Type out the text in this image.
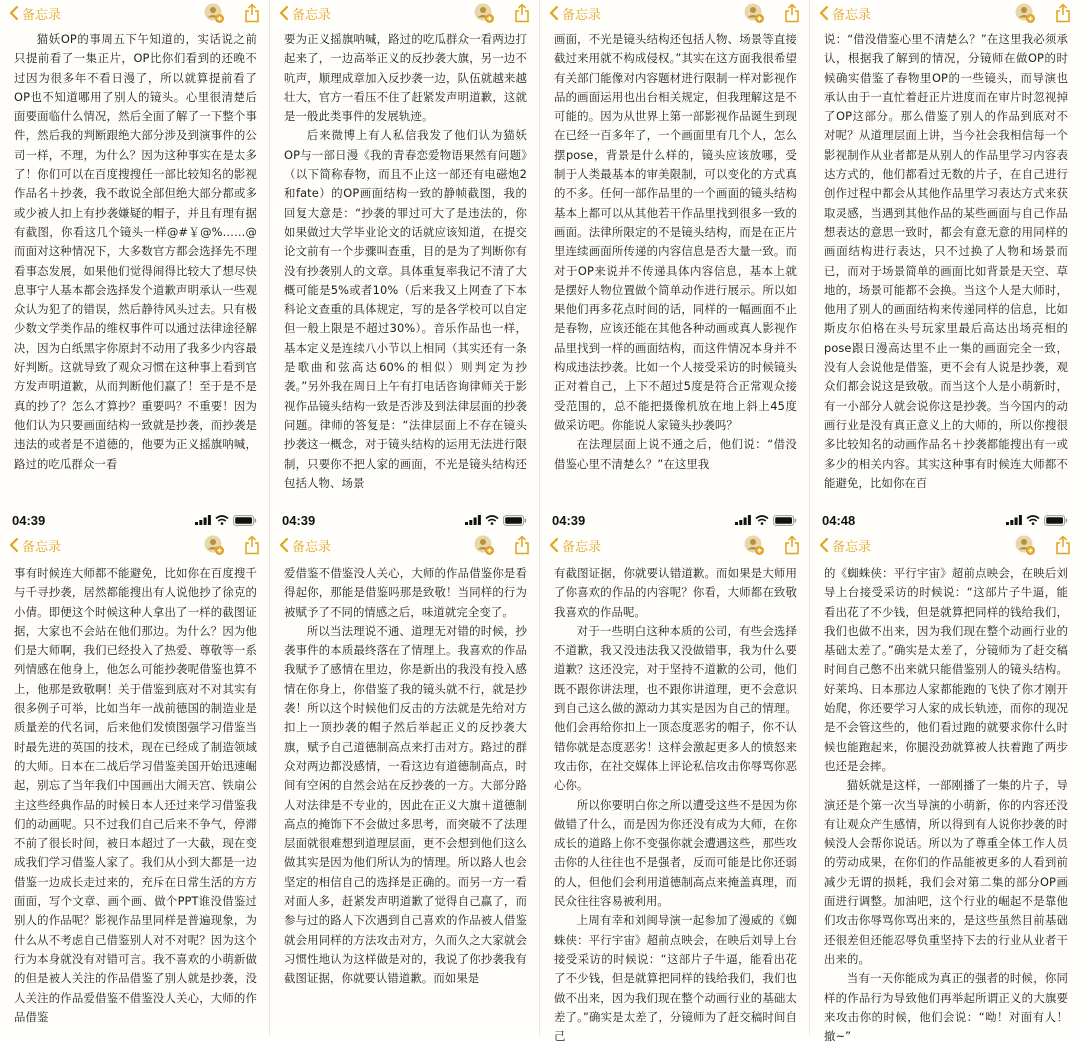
备忘录

猫妖OP的事周五下午知道的，实话说之前只提前看了一集正片，OP比你们看到的还晚不过因为很多年不看日漫了，所以就算提前看了OP也不知道哪用了别人的镜头。心里很清楚后面要面临什么情况，然后全面了解了一下整个事件，然后我的判断跟绝大部分涉及到演事件的公司一样，不理，为什么？因为这种事实在是太多了！你们可以在百度搜搜任一部比较知名的影视作品名＋抄袭，我不敢说全部但绝大部分都或多或少被人扣上有抄袭嫌疑的帽子，并且有理有据有截图，你看这几个镜头一样@#￥@%……@而面对这种情况下，大多数官方都会选择先不理看事态发展，如果他们觉得闹得比较大了想尽快息事宁人基本都会选择发个道歉声明承认一些观众认为犯了的错误，然后静待风头过去。只有极少数文学类作品的维权事件可以通过法律途径解决，因为白纸黑字你原封不动用了我多少内容最好判断。这就导致了观众习惯在这种事上看到官方发声明道歉，从而判断他们赢了！至于是不是真的抄了？怎么才算抄？重要吗？不重要！因为他们认为只要画面结构一致就是抄袭，而抄袭是违法的或者是不道德的，他要为正义摇旗呐喊，路过的吃瓜群众一看

备忘录

要为正义摇旗呐喊，路过的吃瓜群众一看两边打起来了，一边高举正义的反抄袭大旗，另一边不吭声，顺理成章加入反抄袭一边，队伍就越来越壮大，官方一看压不住了赶紧发声明道歉，这就是一般此类事件的发展轨迹。

后来微博上有人私信我发了他们认为猫妖OP与一部日漫《我的青春恋爱物语果然有问题》（以下简称春物，而且不止这一部还有电磁炮2和fate）的OP画面结构一致的静帧截图，我的回复大意是：“抄袭的罪过可大了是违法的，你如果做过大学毕业论文的话就应该知道，在提交论文前有一个步骤叫查重，目的是为了判断你有没有抄袭别人的文章。具体重复率我记不清了大概可能是5%或者10%（后来我又上网查了下本科论文查重的具体规定，写的是各学校可以自定但一般上限是不超过30%）。音乐作品也一样，基本定义是连续八小节以上相同（其实还有一条是歌曲和弦高达60%的相似）则判定为抄袭。”另外我在周日上午有打电话咨询律师关于影视作品镜头结构一致是否涉及到法律层面的抄袭问题。律师的答复是：“法律层面上不存在镜头抄袭这一概念，对于镜头结构的运用无法进行限制，只要你不把人家的画面，不光是镜头结构还包括人物、场景

备忘录

画面，不光是镜头结构还包括人物、场景等直接截过来用就不构成侵权。”其实在这方面我很希望有关部门能像对内容题材进行限制一样对影视作品的画面运用也出台相关规定，但我理解这是不可能的。因为从世界上第一部影视作品诞生到现在已经一百多年了，一个画面里有几个人，怎么摆pose，背景是什么样的，镜头应该放哪，受制于人类最基本的审美限制，可以变化的方式真的不多。任何一部作品里的一个画面的镜头结构基本上都可以从其他若干作品里找到很多一致的画面。法律所限定的不是镜头结构，而是在正片里连续画面所传递的内容信息是否大量一致。而对于OP来说并不传递具体内容信息，基本上就是摆好人物位置做个简单动作进行展示。所以如果他们再多花点时间的话，同样的一幅画面不止是春物，应该还能在其他各种动画或真人影视作品里找到一样的画面结构，而这件情况本身并不构成违法抄袭。比如一个人接受采访的时候镜头正对着自己，上下不超过5度是符合正常观众接受范围的，总不能把摄像机放在地上斜上45度做采访吧。你能说人家镜头抄袭吗？

在法理层面上说不通之后，他们说：“借没借鉴心里不清楚么？”在这里我

备忘录

说：“借没借鉴心里不清楚么？”在这里我必须承认，根据我了解到的情况，分镜师在做OP的时候确实借鉴了春物里OP的一些镜头，而导演也承认由于一直忙着赶正片进度而在审片时忽视掉了OP这部分。那么借鉴了别人的作品到底对不对呢？从道理层面上讲，当今社会我相信每一个影视制作从业者都是从别人的作品里学习内容表达方式的，他们都看过无数的片子，在自己进行创作过程中都会从其他作品里学习表达方式来获取灵感，当遇到其他作品的某些画面与自己作品想表达的意思一致时，都会有意无意的用同样的画面结构进行表达，只不过换了人物和场景而已，而对于场景简单的画面比如背景是天空、草地的，场景可能都不会换。当这个人是大师时，他用了别人的画面结构来传递同样的信息，比如斯皮尔伯格在头号玩家里最后高达出场亮相的pose跟日漫高达里不止一集的画面完全一致，没有人会说他是借鉴，更不会有人说是抄袭，观众们都会说这是致敬。而当这个人是小萌新时，有一小部分人就会说你这是抄袭。当今国内的动画行业是没有真正意义上的大师的，所以你搜很多比较知名的动画作品名＋抄袭都能搜出有一或多少的相关内容。其实这种事有时候连大师都不能避免，比如你在百

04:39
备忘录

事有时候连大师都不能避免，比如你在百度搜千与千寻抄袭，居然都能搜出有人说他抄了徐克的小倩。即便这个时候这种人拿出了一样的截图证据，大家也不会站在他们那边。为什么？因为他们是大师啊，我们已经投入了热爱、尊敬等一系列情感在他身上，他怎么可能抄袭呢借鉴也算不上，他那是致敬啊！关于借鉴到底对不对其实有很多例子可举，比如当年一战前德国的制造业是质量差的代名词，后来他们发愤图强学习借鉴当时最先进的英国的技术，现在已经成了制造领域的大师。日本在二战后学习借鉴美国开始迅速崛起，别忘了当年我们中国画出大闹天宫、铁扇公主这些经典作品的时候日本人还过来学习借鉴我们的动画呢。只不过我们自己后来不争气，停滞不前了很长时间，被日本超过了一大截，现在变成我们学习借鉴人家了。我们从小到大都是一边借鉴一边成长走过来的，充斥在日常生活的方方面面，写个文章、画个画、做个PPT谁没借鉴过别人的作品呢？影视作品里同样是普遍现象，为什么从不考虑自己借鉴别人对不对呢？因为这个行为本身就没有对错可言。我不喜欢的小萌新做的但是被人关注的作品借鉴了别人就是抄袭，没人关注的作品爱借鉴不借鉴没人关心，大师的作品借鉴

04:39
备忘录

爱借鉴不借鉴没人关心，大师的作品借鉴你是看得起你，那能是借鉴吗那是致敬！当同样的行为被赋予了不同的情感之后，味道就完全变了。

所以当法理说不通、道理无对错的时候，抄袭事件的本质最终落在了情理上。我喜欢的作品我赋予了感情在里边，你是新出的我没有投入感情在你身上，你借鉴了我的镜头就不行，就是抄袭！所以这个时候他们反击的方法就是先给对方扣上一顶抄袭的帽子然后举起正义的反抄袭大旗，赋予自己道德制高点来打击对方。路过的群众对两边都没感情，一看这边有道德制高点，时间有空闲的自然会站在反抄袭的一方。大部分路人对法律是不专业的，因此在正义大旗＋道德制高点的掩饰下不会做过多思考，而突破不了法理层面就很难想到道理层面，更不会想到他们这么做其实是因为他们所认为的情理。所以路人也会坚定的相信自己的选择是正确的。而另一方一看对面人多，赶紧发声明道歉了觉得自己赢了，而参与过的路人下次遇到自己喜欢的作品被人借鉴就会用同样的方法攻击对方，久而久之大家就会习惯性地认为这样做是对的，我说了你抄袭我有截图证据，你就要认错道歉。而如果是

04:39
备忘录

有截图证据，你就要认错道歉。而如果是大师用了你喜欢的作品的内容呢？你看，大师都在致敬我喜欢的作品呢。

对于一些明白这种本质的公司，有些会选择不道歉，我又没违法我又没做错事，我为什么要道歉？这还没完，对于坚持不道歉的公司，他们既不跟你讲法理，也不跟你讲道理，更不会意识到自己这么做的源动力其实是因为自己的情理。他们会再给你扣上一顶态度恶劣的帽子，你不认错你就是态度恶劣！这样会激起更多人的愤怒来攻击你，在社交媒体上评论私信攻击你辱骂你恶心你。

所以你要明白你之所以遭受这些不是因为你做错了什么，而是因为你还没有成为大师，在你成长的道路上你不变强你就会遭遇这些，那些攻击你的人往往也不是强者，反而可能是比你还弱的人，但他们会利用道德制高点来掩盖真理，而民众往往容易被利用。

上周有幸和刘闽导演一起参加了漫威的《蜘蛛侠：平行宇宙》超前点映会，在映后刘导上台接受采访的时候说：“这部片子牛逼，能看出花了不少钱，但是就算把同样的钱给我们，我们也做不出来，因为我们现在整个动画行业的基础太差了。”确实是太差了，分镜师为了赶交稿时间自己

04:48
备忘录

的《蜘蛛侠：平行宇宙》超前点映会，在映后刘导上台接受采访的时候说：“这部片子牛逼，能看出花了不少钱，但是就算把同样的钱给我们，我们也做不出来，因为我们现在整个动画行业的基础太差了。”确实是太差了，分镜师为了赶交稿时间自己憋不出来就只能借鉴别人的镜头结构。好莱坞、日本那边人家都能跑的飞快了你才刚开始爬，你还要学习人家的成长轨迹，而你的现况是不会管这些的，他们看过跑的就要求你什么时候也能跑起来，你腿没劲就算被人扶着跑了两步也还是会摔。

猫妖就是这样，一部刚播了一集的片子，导演还是个第一次当导演的小萌新，你的内容还没有让观众产生感情，所以得到有人说你抄袭的时候没人会帮你说话。所以为了尊重全体工作人员的劳动成果，在你们的作品能被更多的人看到前减少无谓的损耗，我们会对第二集的部分OP画面进行调整。加油吧，这个行业的崛起不是靠他们攻击你辱骂你骂出来的，是这些虽然目前基础还很差但还能忍辱负重坚持下去的行业从业者干出来的。

当有一天你能成为真正的强者的时候，你同样的作品行为导致他们再举起所谓正义的大旗要来攻击你的时候，他们会说：“呦！对面有人！撤~”
